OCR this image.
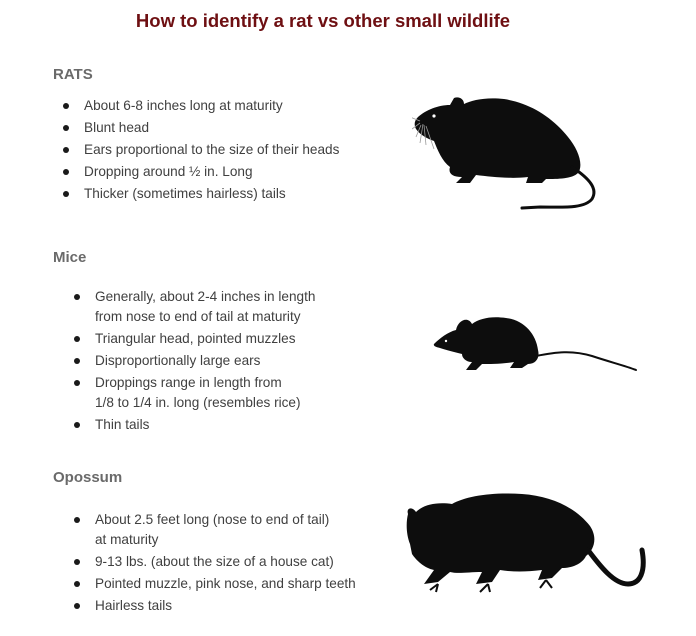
How to identify a rat vs other small wildlife
RATS
About 6-8 inches long at maturity
Blunt head
Ears proportional to the size of their heads
Dropping around ½ in. Long
Thicker (sometimes hairless) tails
Mice
Generally, about 2-4 inches in length
from nose to end of tail at maturity
Triangular head, pointed muzzles
Disproportionally large ears
Droppings range in length from
1/8 to 1/4 in. long (resembles rice)
Thin tails
Opossum
About 2.5 feet long (nose to end of tail)
at maturity
9-13 lbs. (about the size of a house cat)
Pointed muzzle, pink nose, and sharp teeth
Hairless tails
